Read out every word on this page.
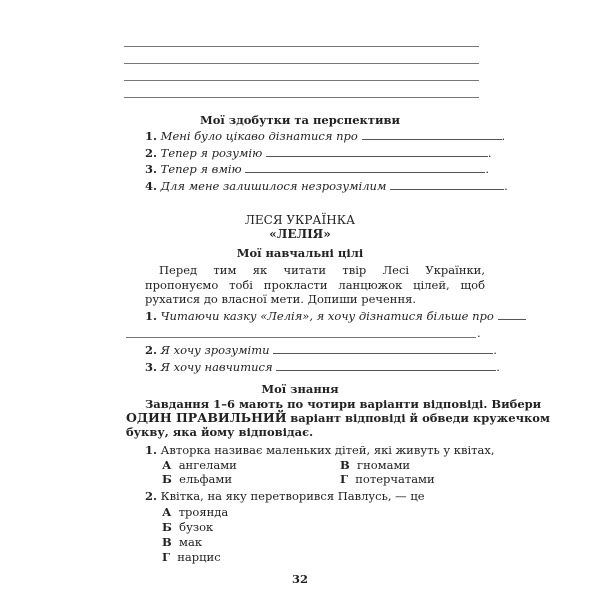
Мої здобутки та перспективи
1. Мені було цікаво дізнатися про	.
2. Тепер я розумію	.
3. Тепер я вмію	.
4. Для мене залишилося незрозумілим	.
ЛЕСЯ УКРАЇНКА
«ЛЕЛІЯ»
Мої навчальні цілі
Перед тим як читати твір Лесі Українки, пропонуємо тобі прокласти ланцюжок цілей, щоб рухатися до власної мети. Допиши речення.
1. Читаючи казку «Лелія», я хочу дізнатися більше про
.
2. Я хочу зрозуміти	.
3. Я хочу навчитися	.
Мої знання
Завдання 1–6 мають по чотири варіанти відповіді. Вибери
ОДИН ПРАВИЛЬНИЙ варіант відповіді й обведи кружечком
букву, яка йому відповідає.
1. Авторка називає маленьких дітей, які живуть у квітах,
А ангелами	В гномами
Б ельфами	Г потерчатами
2. Квітка, на яку перетворився Павлусь, — це
А троянда
Б бузок
В мак
Г нарцис
32
